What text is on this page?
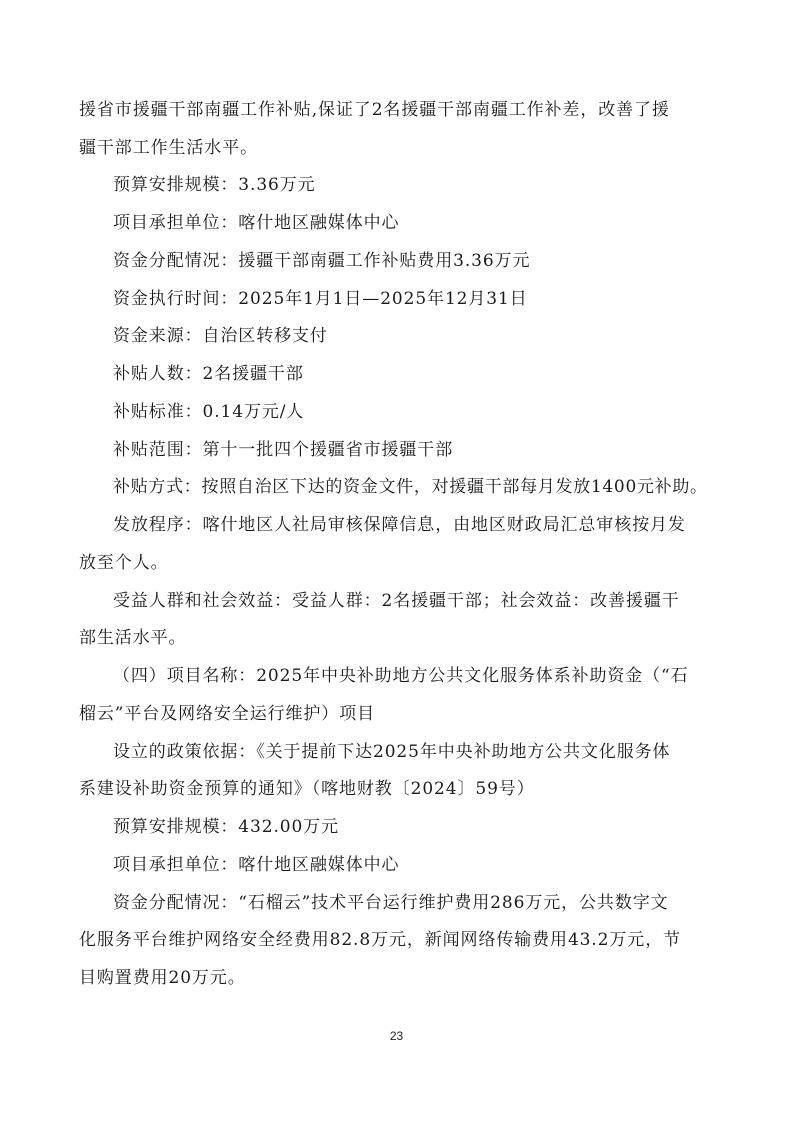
援省市援疆干部南疆工作补贴,保证了2名援疆干部南疆工作补差，改善了援
疆干部工作生活水平。
预算安排规模：3.36万元
项目承担单位：喀什地区融媒体中心
资金分配情况：援疆干部南疆工作补贴费用3.36万元
资金执行时间：2025年1月1日—2025年12月31日
资金来源：自治区转移支付
补贴人数：2名援疆干部
补贴标准：0.14万元/人
补贴范围：第十一批四个援疆省市援疆干部
补贴方式：按照自治区下达的资金文件，对援疆干部每月发放1400元补助。
发放程序：喀什地区人社局审核保障信息，由地区财政局汇总审核按月发
放至个人。
受益人群和社会效益：受益人群：2名援疆干部；社会效益：改善援疆干
部生活水平。
（四）项目名称：2025年中央补助地方公共文化服务体系补助资金（“石
榴云”平台及网络安全运行维护）项目
设立的政策依据：《关于提前下达2025年中央补助地方公共文化服务体
系建设补助资金预算的通知》（喀地财教〔2024〕59号）
预算安排规模：432.00万元
项目承担单位：喀什地区融媒体中心
资金分配情况：“石榴云”技术平台运行维护费用286万元，公共数字文
化服务平台维护网络安全经费用82.8万元，新闻网络传输费用43.2万元，节
目购置费用20万元。
23
